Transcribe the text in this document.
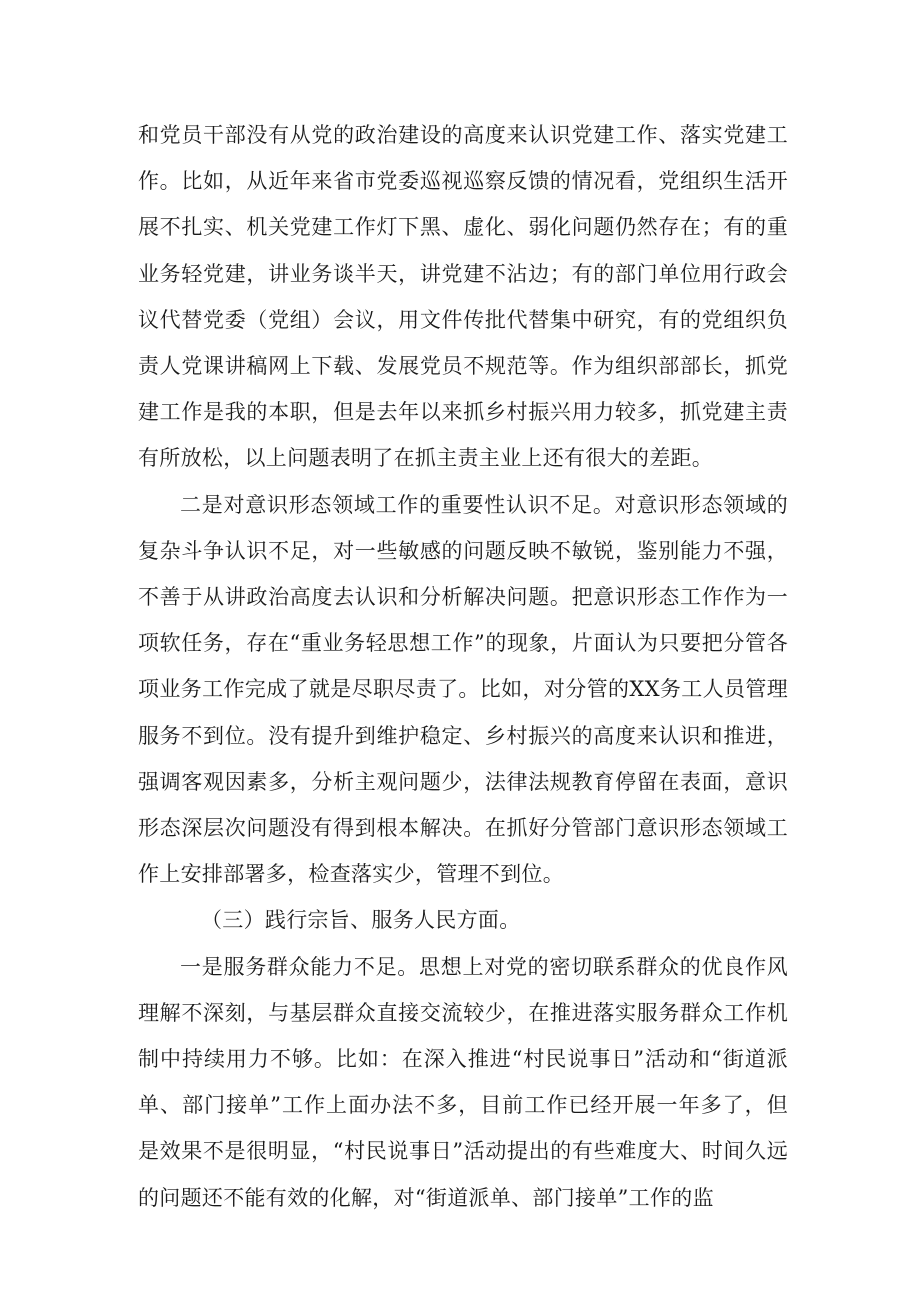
和党员干部没有从党的政治建设的高度来认识党建工作、落实党建工作。比如，从近年来省市党委巡视巡察反馈的情况看，党组织生活开展不扎实、机关党建工作灯下黑、虚化、弱化问题仍然存在；有的重业务轻党建，讲业务谈半天，讲党建不沾边；有的部门单位用行政会议代替党委（党组）会议，用文件传批代替集中研究，有的党组织负责人党课讲稿网上下载、发展党员不规范等。作为组织部部长，抓党建工作是我的本职，但是去年以来抓乡村振兴用力较多，抓党建主责有所放松，以上问题表明了在抓主责主业上还有很大的差距。

二是对意识形态领域工作的重要性认识不足。对意识形态领域的复杂斗争认识不足，对一些敏感的问题反映不敏锐，鉴别能力不强，不善于从讲政治高度去认识和分析解决问题。把意识形态工作作为一项软任务，存在“重业务轻思想工作”的现象，片面认为只要把分管各项业务工作完成了就是尽职尽责了。比如，对分管的XX务工人员管理服务不到位。没有提升到维护稳定、乡村振兴的高度来认识和推进，强调客观因素多，分析主观问题少，法律法规教育停留在表面，意识形态深层次问题没有得到根本解决。在抓好分管部门意识形态领域工作上安排部署多，检查落实少，管理不到位。

（三）践行宗旨、服务人民方面。

一是服务群众能力不足。思想上对党的密切联系群众的优良作风理解不深刻，与基层群众直接交流较少，在推进落实服务群众工作机制中持续用力不够。比如：在深入推进“村民说事日”活动和“街道派单、部门接单”工作上面办法不多，目前工作已经开展一年多了，但是效果不是很明显，“村民说事日”活动提出的有些难度大、时间久远的问题还不能有效的化解，对“街道派单、部门接单”工作的监
